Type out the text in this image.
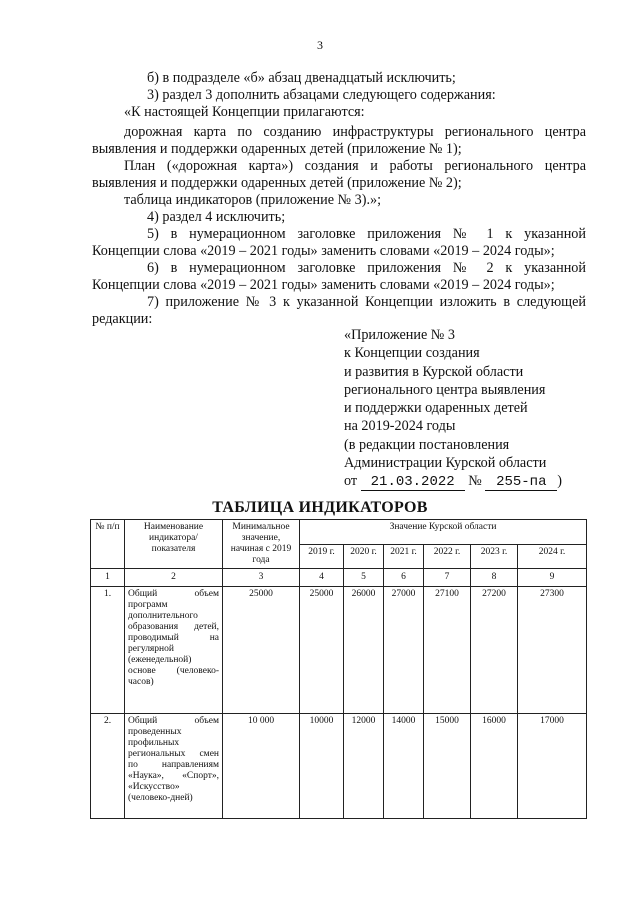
3
б) в подразделе «б» абзац двенадцатый исключить;
3) раздел 3 дополнить абзацами следующего содержания:
«К настоящей Концепции прилагаются:
дорожная карта по созданию инфраструктуры регионального центра
выявления и поддержки одаренных детей (приложение № 1);
План («дорожная карта») создания и работы регионального центра
выявления и поддержки одаренных детей (приложение № 2);
таблица индикаторов (приложение № 3).»;
4) раздел 4 исключить;
5) в нумерационном заголовке приложения № 1 к указанной
Концепции слова «2019 – 2021 годы» заменить словами «2019 – 2024 годы»;
6) в нумерационном заголовке приложения № 2 к указанной
Концепции слова «2019 – 2021 годы» заменить словами «2019 – 2024 годы»;
7) приложение № 3 к указанной Концепции изложить в следующей
редакции:
«Приложение № 3
к Концепции создания
и развития в Курской области
регионального центра выявления
и поддержки одаренных детей
на 2019-2024 годы
(в редакции постановления
Администрации Курской области
от 21.03.2022 № 255-па )
ТАБЛИЦА ИНДИКАТОРОВ
№ п/п	Наименование индикатора/ показателя	Минимальное значение, начиная с 2019 года	Значение Курской области					
			2019 г.	2020 г.	2021 г.	2022 г.	2023 г.	2024 г.
1	2	3	4	5	6	7	8	9
1.	Общий объем программ дополнительного образования детей, проводимый на регулярной (еженедельной) основе (человеко-часов)	25000	25000	26000	27000	27100	27200	27300
2.	Общий объем проведенных профильных региональных смен по направлениям «Наука», «Спорт», «Искусство» (человеко-дней)	10 000	10000	12000	14000	15000	16000	17000
